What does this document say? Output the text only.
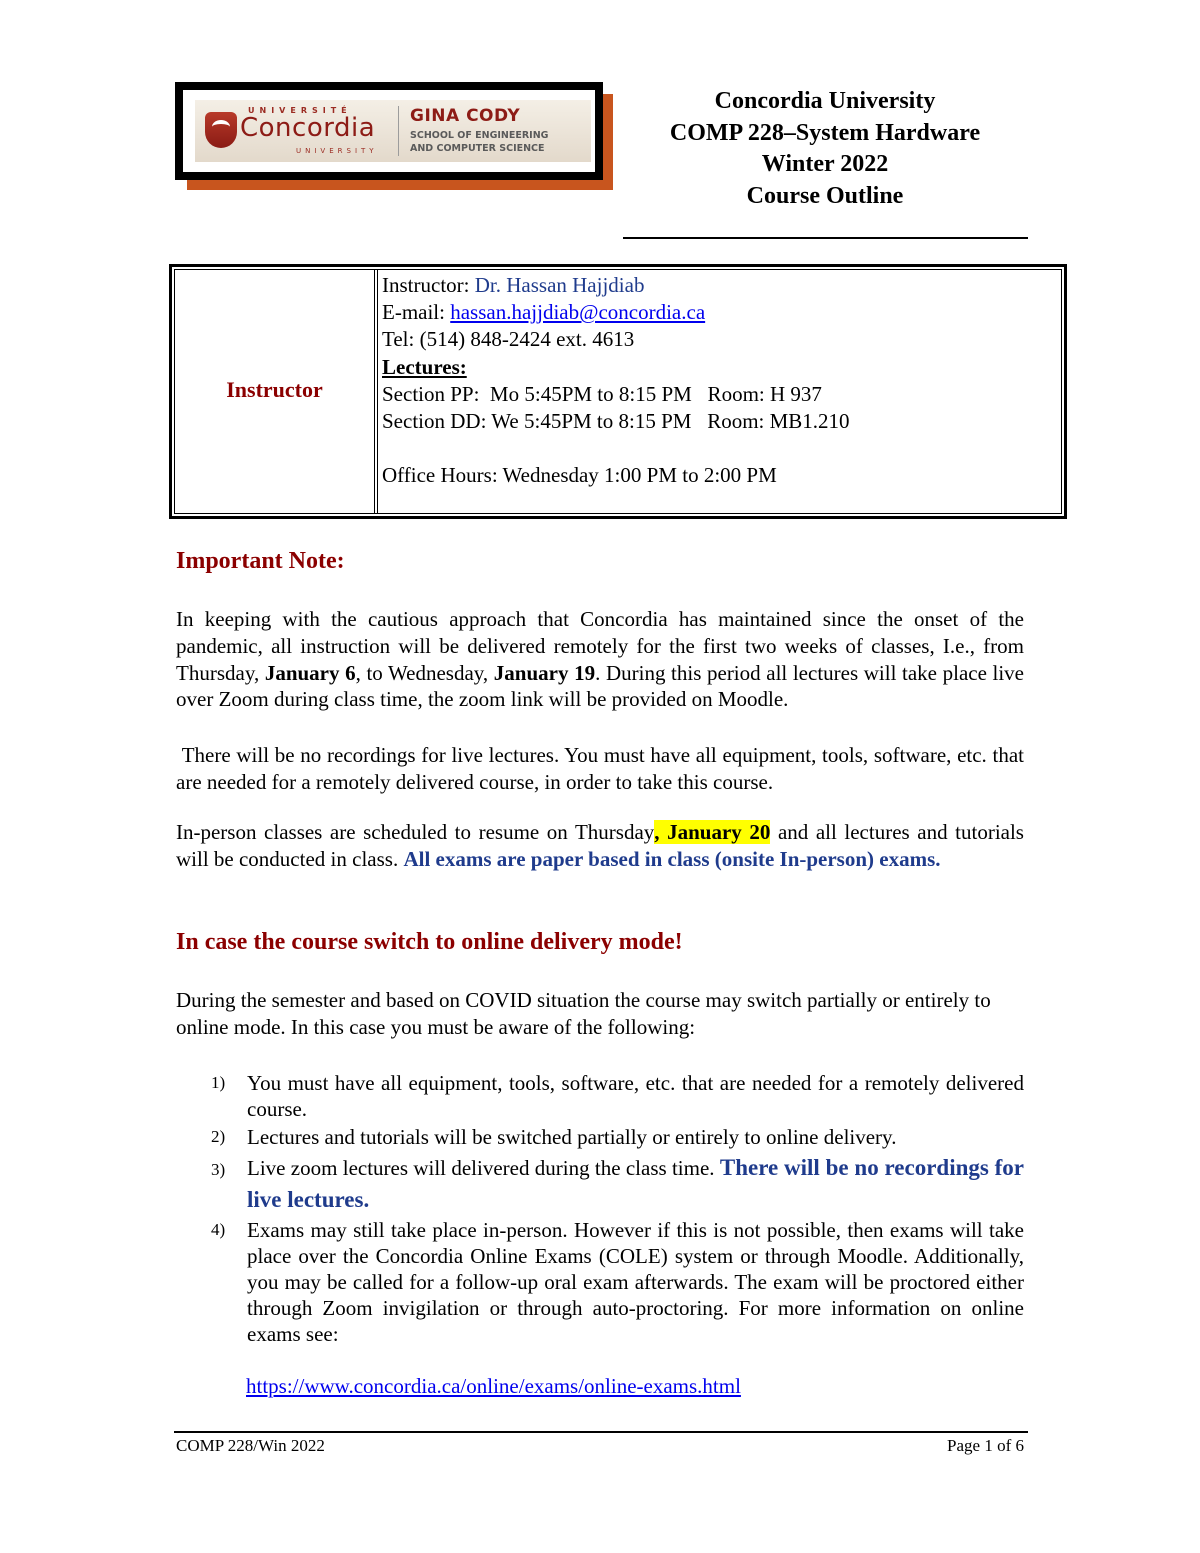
UNIVERSITÉ
Concordia
UNIVERSITY
GINA CODY
SCHOOL OF ENGINEERING
AND COMPUTER SCIENCE
Concordia University
COMP 228–System Hardware
Winter 2022
Course Outline
Instructor
Instructor: Dr. Hassan Hajjdiab
E-mail: hassan.hajjdiab@concordia.ca
Tel: (514) 848-2424 ext. 4613
Lectures:
Section PP:  Mo 5:45PM to 8:15 PM   Room: H 937
Section DD: We 5:45PM to 8:15 PM   Room: MB1.210
Office Hours: Wednesday 1:00 PM to 2:00 PM
Important Note:
In keeping with the cautious approach that Concordia has maintained since the onset of the pandemic, all instruction will be delivered remotely for the first two weeks of classes, I.e., from Thursday, January 6, to Wednesday, January 19. During this period all lectures will take place live over Zoom during class time, the zoom link will be provided on Moodle.
There will be no recordings for live lectures. You must have all equipment, tools, software, etc. that are needed for a remotely delivered course, in order to take this course.
In-person classes are scheduled to resume on Thursday, January 20 and all lectures and tutorials will be conducted in class. All exams are paper based in class (onsite In-person) exams.
In case the course switch to online delivery mode!
During the semester and based on COVID situation the course may switch partially or entirely to online mode. In this case you must be aware of the following:
1) You must have all equipment, tools, software, etc. that are needed for a remotely delivered course.
2) Lectures and tutorials will be switched partially or entirely to online delivery.
3) Live zoom lectures will delivered during the class time. There will be no recordings for live lectures.
4) Exams may still take place in-person. However if this is not possible, then exams will take place over the Concordia Online Exams (COLE) system or through Moodle. Additionally, you may be called for a follow-up oral exam afterwards. The exam will be proctored either through Zoom invigilation or through auto-proctoring. For more information on online exams see:
https://www.concordia.ca/online/exams/online-exams.html
COMP 228/Win 2022	Page 1 of 6
